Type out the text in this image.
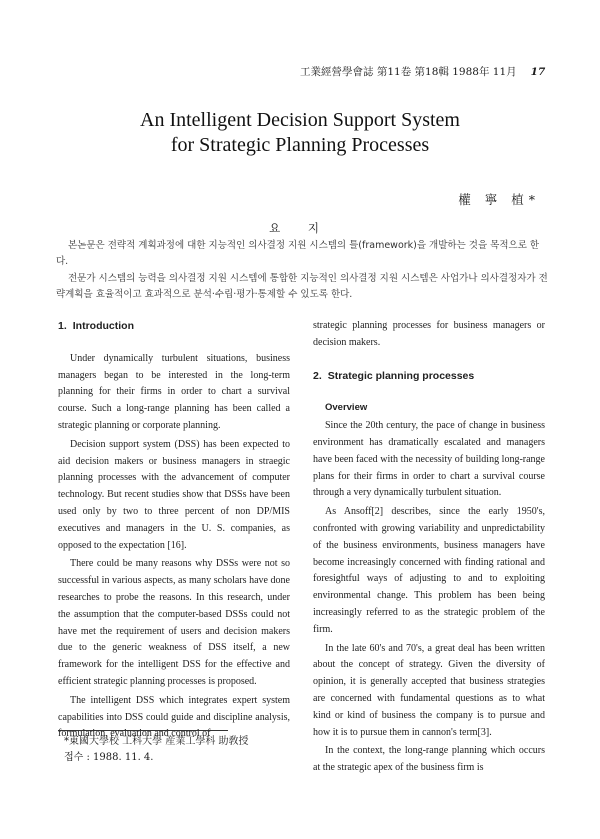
工業經營學會誌 第11卷 第18輯 1988年 11月 17
An Intelligent Decision Support System
for Strategic Planning Processes
權 寧 植*
요 지

본논문은 전략적 계획과정에 대한 지능적인 의사결정 지원 시스템의 틀(framework)을 개발하는 것을 목적으로 한다.

전문가 시스템의 능력을 의사결정 지원 시스템에 통합한 지능적인 의사결정 지원 시스템은 사업가나 의사결정자가 전략계획을 효율적이고 효과적으로 분석·수립·평가·통제할 수 있도록 한다.

1. Introduction

Under dynamically turbulent situations, business managers began to be interested in the long-term planning for their firms in order to chart a survival course. Such a long-range planning has been called a strategic planning or corporate planning.

Decision support system (DSS) has been expected to aid decision makers or business managers in straegic planning processes with the advancement of computer technology. But recent studies show that DSSs have been used only by two to three percent of non DP/MIS executives and managers in the U. S. companies, as opposed to the expectation [16].

There could be many reasons why DSSs were not so successful in various aspects, as many scholars have done researches to probe the reasons. In this research, under the assumption that the computer-based DSSs could not have met the requirement of users and decision makers due to the generic weakness of DSS itself, a new framework for the intelligent DSS for the effective and efficient strategic planning processes is proposed.

The intelligent DSS which integrates expert system capabilities into DSS could guide and discipline analysis, formulation, evaluation and control of

strategic planning processes for business managers or decision makers.

2. Strategic planning processes
Overview

Since the 20th century, the pace of change in business environment has dramatically escalated and managers have been faced with the necessity of building long-range plans for their firms in order to chart a survival course through a very dynamically turbulent situation.

As Ansoff[2] describes, since the early 1950's, confronted with growing variability and unpredictability of the business environments, business managers have become increasingly concerned with finding rational and foresightful ways of adjusting to and to exploiting environmental change. This problem has been being increasingly referred to as the strategic problem of the firm.

In the late 60's and 70's, a great deal has been written about the concept of strategy. Given the diversity of opinion, it is generally accepted that business strategies are concerned with fundamental questions as to what kind or kind of business the company is to pursue and how it is to pursue them in cannon's term[3].

In the context, the long-range planning which occurs at the strategic apex of the business firm is

*東國大學校 工科大學 産業工學科 助敎授
접수 : 1988. 11. 4.
